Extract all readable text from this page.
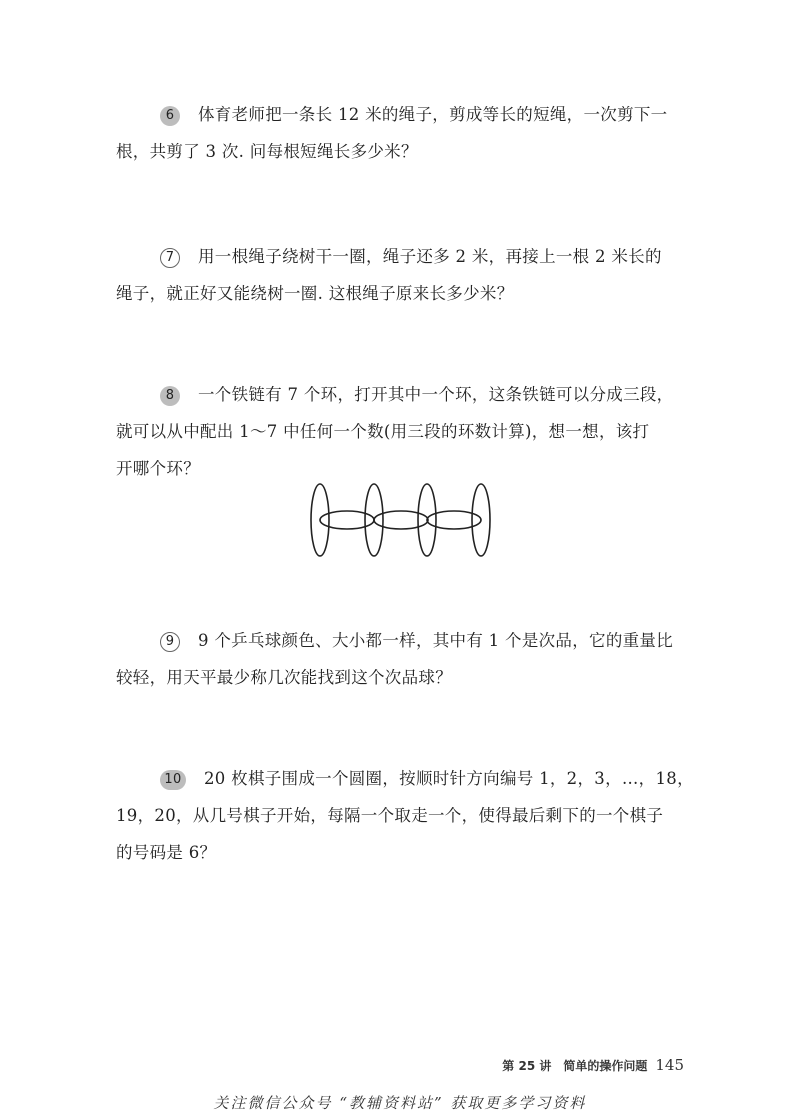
6 体育老师把一条长 12 米的绳子，剪成等长的短绳，一次剪下一
根，共剪了 3 次. 问每根短绳长多少米？
7 用一根绳子绕树干一圈，绳子还多 2 米，再接上一根 2 米长的
绳子，就正好又能绕树一圈. 这根绳子原来长多少米？
8 一个铁链有 7 个环，打开其中一个环，这条铁链可以分成三段，
就可以从中配出 1～7 中任何一个数(用三段的环数计算)，想一想，该打
开哪个环？
9 9 个乒乓球颜色、大小都一样，其中有 1 个是次品，它的重量比
较轻，用天平最少称几次能找到这个次品球？
10 20 枚棋子围成一个圆圈，按顺时针方向编号 1，2，3，…，18，
19，20，从几号棋子开始，每隔一个取走一个，使得最后剩下的一个棋子
的号码是 6？
第 25 讲　简单的操作问题 145
关注微信公众号 “教辅资料站” 获取更多学习资料
